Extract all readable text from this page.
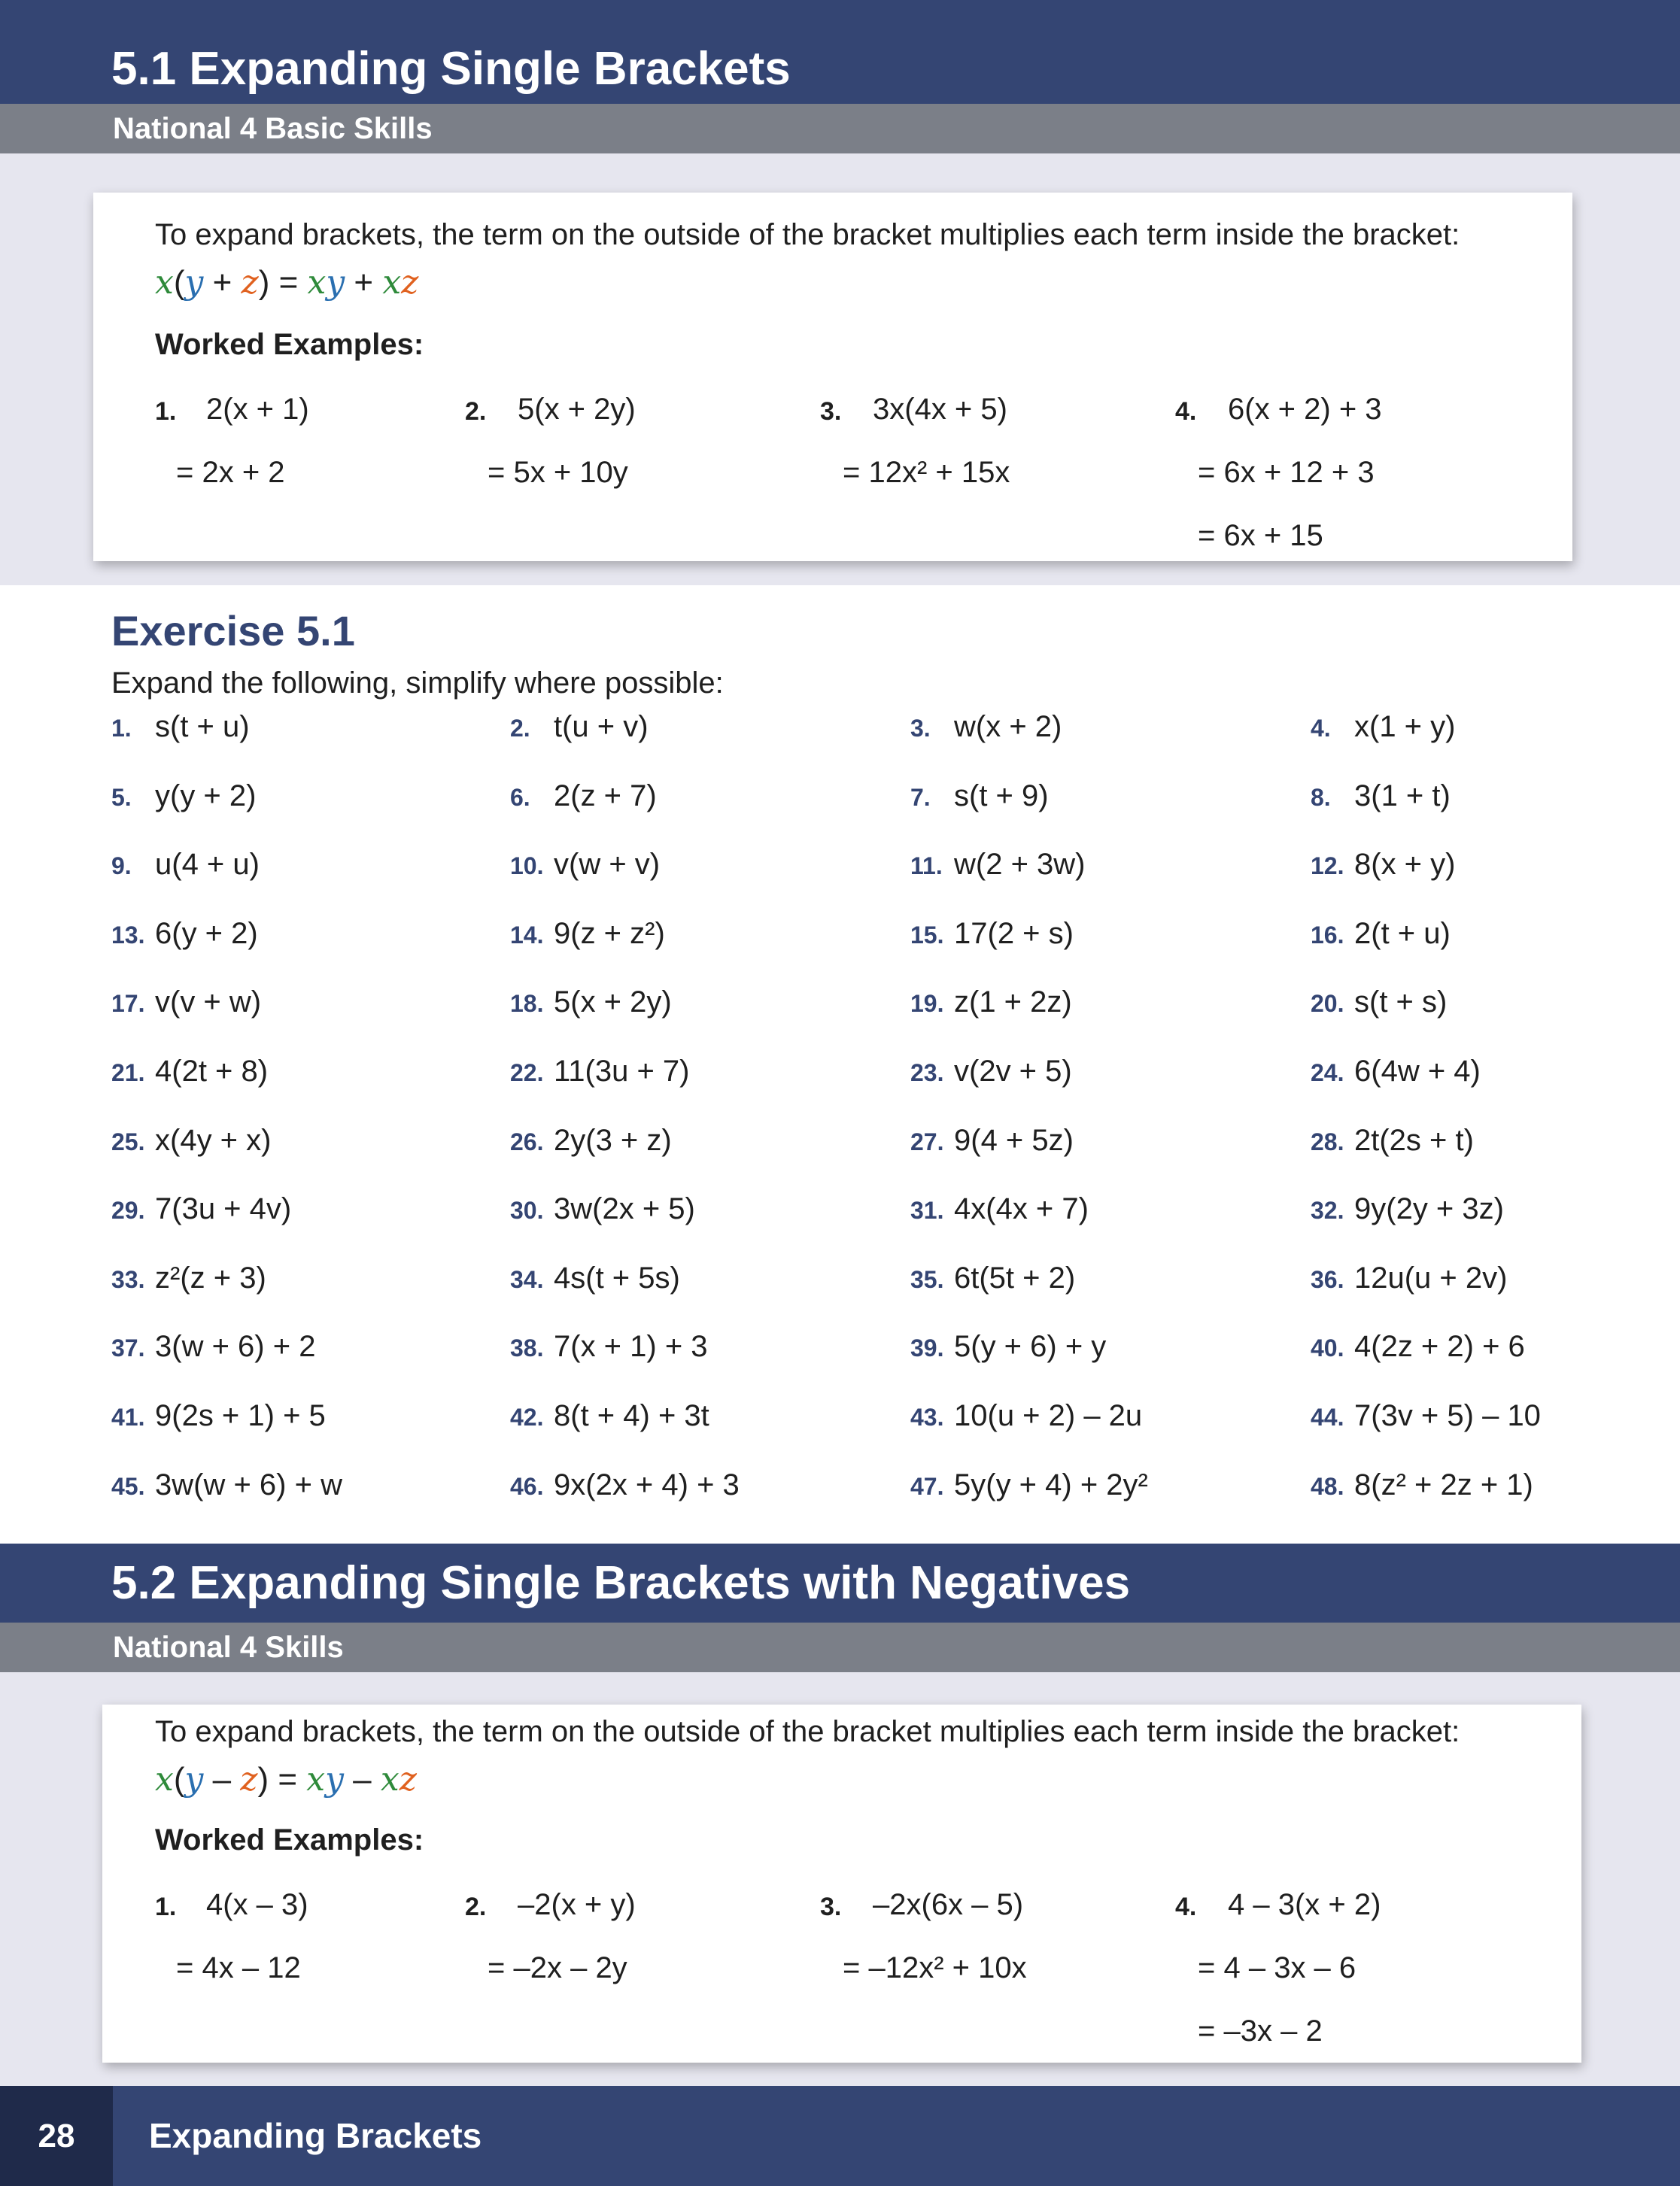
5.1 Expanding Single Brackets
National 4 Basic Skills
To expand brackets, the term on the outside of the bracket multiplies each term inside the bracket:
x(y + z) = xy + xz
Worked Examples:
1. 2(x + 1)
= 2x + 2
2. 5(x + 2y)
= 5x + 10y
3. 3x(4x + 5)
= 12x² + 15x
4. 6(x + 2) + 3
= 6x + 12 + 3
= 6x + 15
Exercise 5.1
Expand the following, simplify where possible:
1. s(t + u)	2. t(u + v)	3. w(x + 2)	4. x(1 + y)
5. y(y + 2)	6. 2(z + 7)	7. s(t + 9)	8. 3(1 + t)
9. u(4 + u)	10. v(w + v)	11. w(2 + 3w)	12. 8(x + y)
13. 6(y + 2)	14. 9(z + z²)	15. 17(2 + s)	16. 2(t + u)
17. v(v + w)	18. 5(x + 2y)	19. z(1 + 2z)	20. s(t + s)
21. 4(2t + 8)	22. 11(3u + 7)	23. v(2v + 5)	24. 6(4w + 4)
25. x(4y + x)	26. 2y(3 + z)	27. 9(4 + 5z)	28. 2t(2s + t)
29. 7(3u + 4v)	30. 3w(2x + 5)	31. 4x(4x + 7)	32. 9y(2y + 3z)
33. z²(z + 3)	34. 4s(t + 5s)	35. 6t(5t + 2)	36. 12u(u + 2v)
37. 3(w + 6) + 2	38. 7(x + 1) + 3	39. 5(y + 6) + y	40. 4(2z + 2) + 6
41. 9(2s + 1) + 5	42. 8(t + 4) + 3t	43. 10(u + 2) – 2u	44. 7(3v + 5) – 10
45. 3w(w + 6) + w	46. 9x(2x + 4) + 3	47. 5y(y + 4) + 2y²	48. 8(z² + 2z + 1)
5.2 Expanding Single Brackets with Negatives
National 4 Skills
To expand brackets, the term on the outside of the bracket multiplies each term inside the bracket:
x(y – z) = xy – xz
Worked Examples:
1. 4(x – 3)
= 4x – 12
2. –2(x + y)
= –2x – 2y
3. –2x(6x – 5)
= –12x² + 10x
4. 4 – 3(x + 2)
= 4 – 3x – 6
= –3x – 2
28	Expanding Brackets
